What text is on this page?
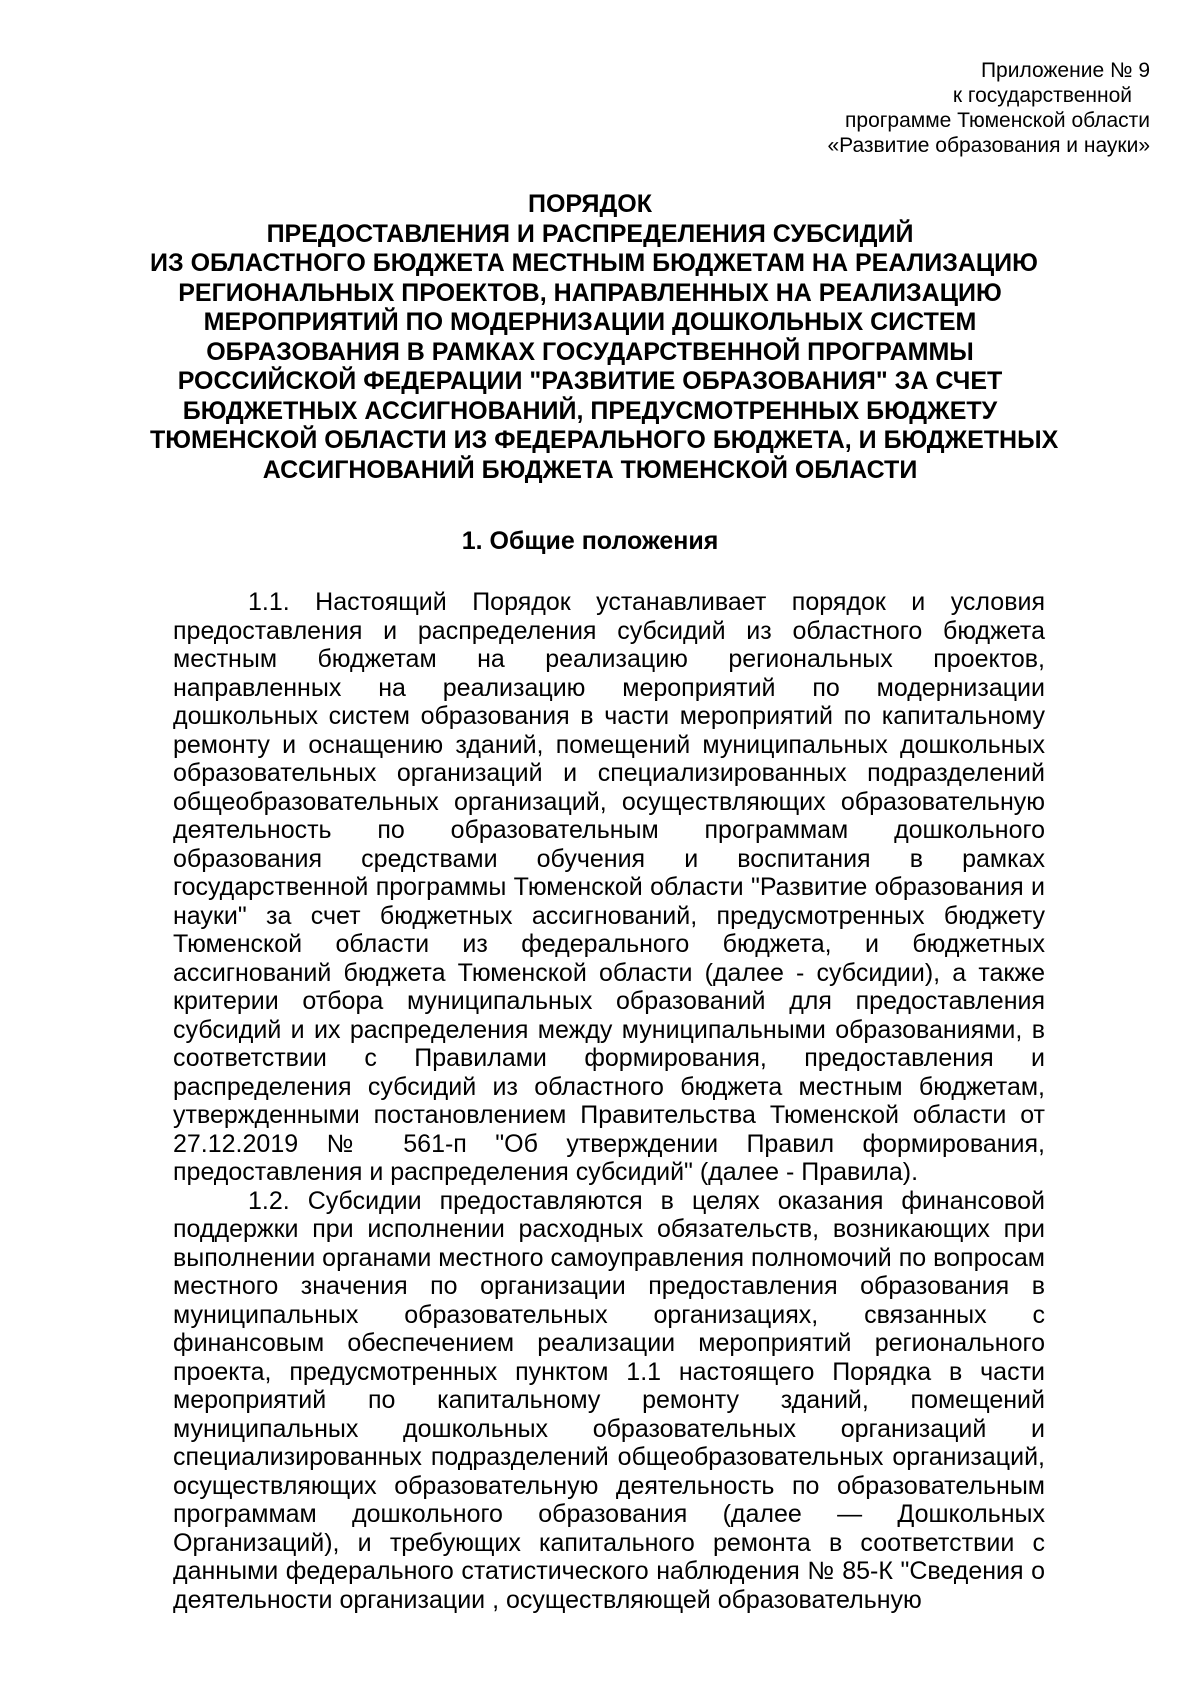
Приложение № 9
к государственной
программе Тюменской области
«Развитие образования и науки»
ПОРЯДОК
ПРЕДОСТАВЛЕНИЯ И РАСПРЕДЕЛЕНИЯ СУБСИДИЙ
ИЗ ОБЛАСТНОГО БЮДЖЕТА МЕСТНЫМ БЮДЖЕТАМ НА РЕАЛИЗАЦИЮ
РЕГИОНАЛЬНЫХ ПРОЕКТОВ, НАПРАВЛЕННЫХ НА РЕАЛИЗАЦИЮ
МЕРОПРИЯТИЙ ПО МОДЕРНИЗАЦИИ ДОШКОЛЬНЫХ СИСТЕМ
ОБРАЗОВАНИЯ В РАМКАХ ГОСУДАРСТВЕННОЙ ПРОГРАММЫ
РОССИЙСКОЙ ФЕДЕРАЦИИ "РАЗВИТИЕ ОБРАЗОВАНИЯ" ЗА СЧЕТ
БЮДЖЕТНЫХ АССИГНОВАНИЙ, ПРЕДУСМОТРЕННЫХ БЮДЖЕТУ
ТЮМЕНСКОЙ ОБЛАСТИ ИЗ ФЕДЕРАЛЬНОГО БЮДЖЕТА, И БЮДЖЕТНЫХ
АССИГНОВАНИЙ БЮДЖЕТА ТЮМЕНСКОЙ ОБЛАСТИ
1. Общие положения

1.1. Настоящий Порядок устанавливает порядок и условия предоставления и распределения субсидий из областного бюджета местным бюджетам на реализацию региональных проектов, направленных на реализацию мероприятий по модернизации дошкольных систем образования в части мероприятий по капитальному ремонту и оснащению зданий, помещений муниципальных дошкольных образовательных организаций и специализированных подразделений общеобразовательных организаций, осуществляющих образовательную деятельность по образовательным программам дошкольного образования средствами обучения и воспитания в рамках государственной программы Тюменской области "Развитие образования и науки" за счет бюджетных ассигнований, предусмотренных бюджету Тюменской области из федерального бюджета, и бюджетных ассигнований бюджета Тюменской области (далее - субсидии), а также критерии отбора муниципальных образований для предоставления субсидий и их распределения между муниципальными образованиями, в соответствии с Правилами формирования, предоставления и распределения субсидий из областного бюджета местным бюджетам, утвержденными постановлением Правительства Тюменской области от 27.12.2019 № 561-п "Об утверждении Правил формирования, предоставления и распределения субсидий" (далее - Правила).

1.2. Субсидии предоставляются в целях оказания финансовой поддержки при исполнении расходных обязательств, возникающих при выполнении органами местного самоуправления полномочий по вопросам местного значения по организации предоставления образования в муниципальных образовательных организациях, связанных с финансовым обеспечением реализации мероприятий регионального проекта, предусмотренных пунктом 1.1 настоящего Порядка в части мероприятий по капитальному ремонту зданий, помещений муниципальных дошкольных образовательных организаций и специализированных подразделений общеобразовательных организаций, осуществляющих образовательную деятельность по образовательным программам дошкольного образования (далее — Дошкольных Организаций), и требующих капитального ремонта в соответствии с данными федерального статистического наблюдения № 85-К "Сведения о деятельности организации , осуществляющей образовательную
